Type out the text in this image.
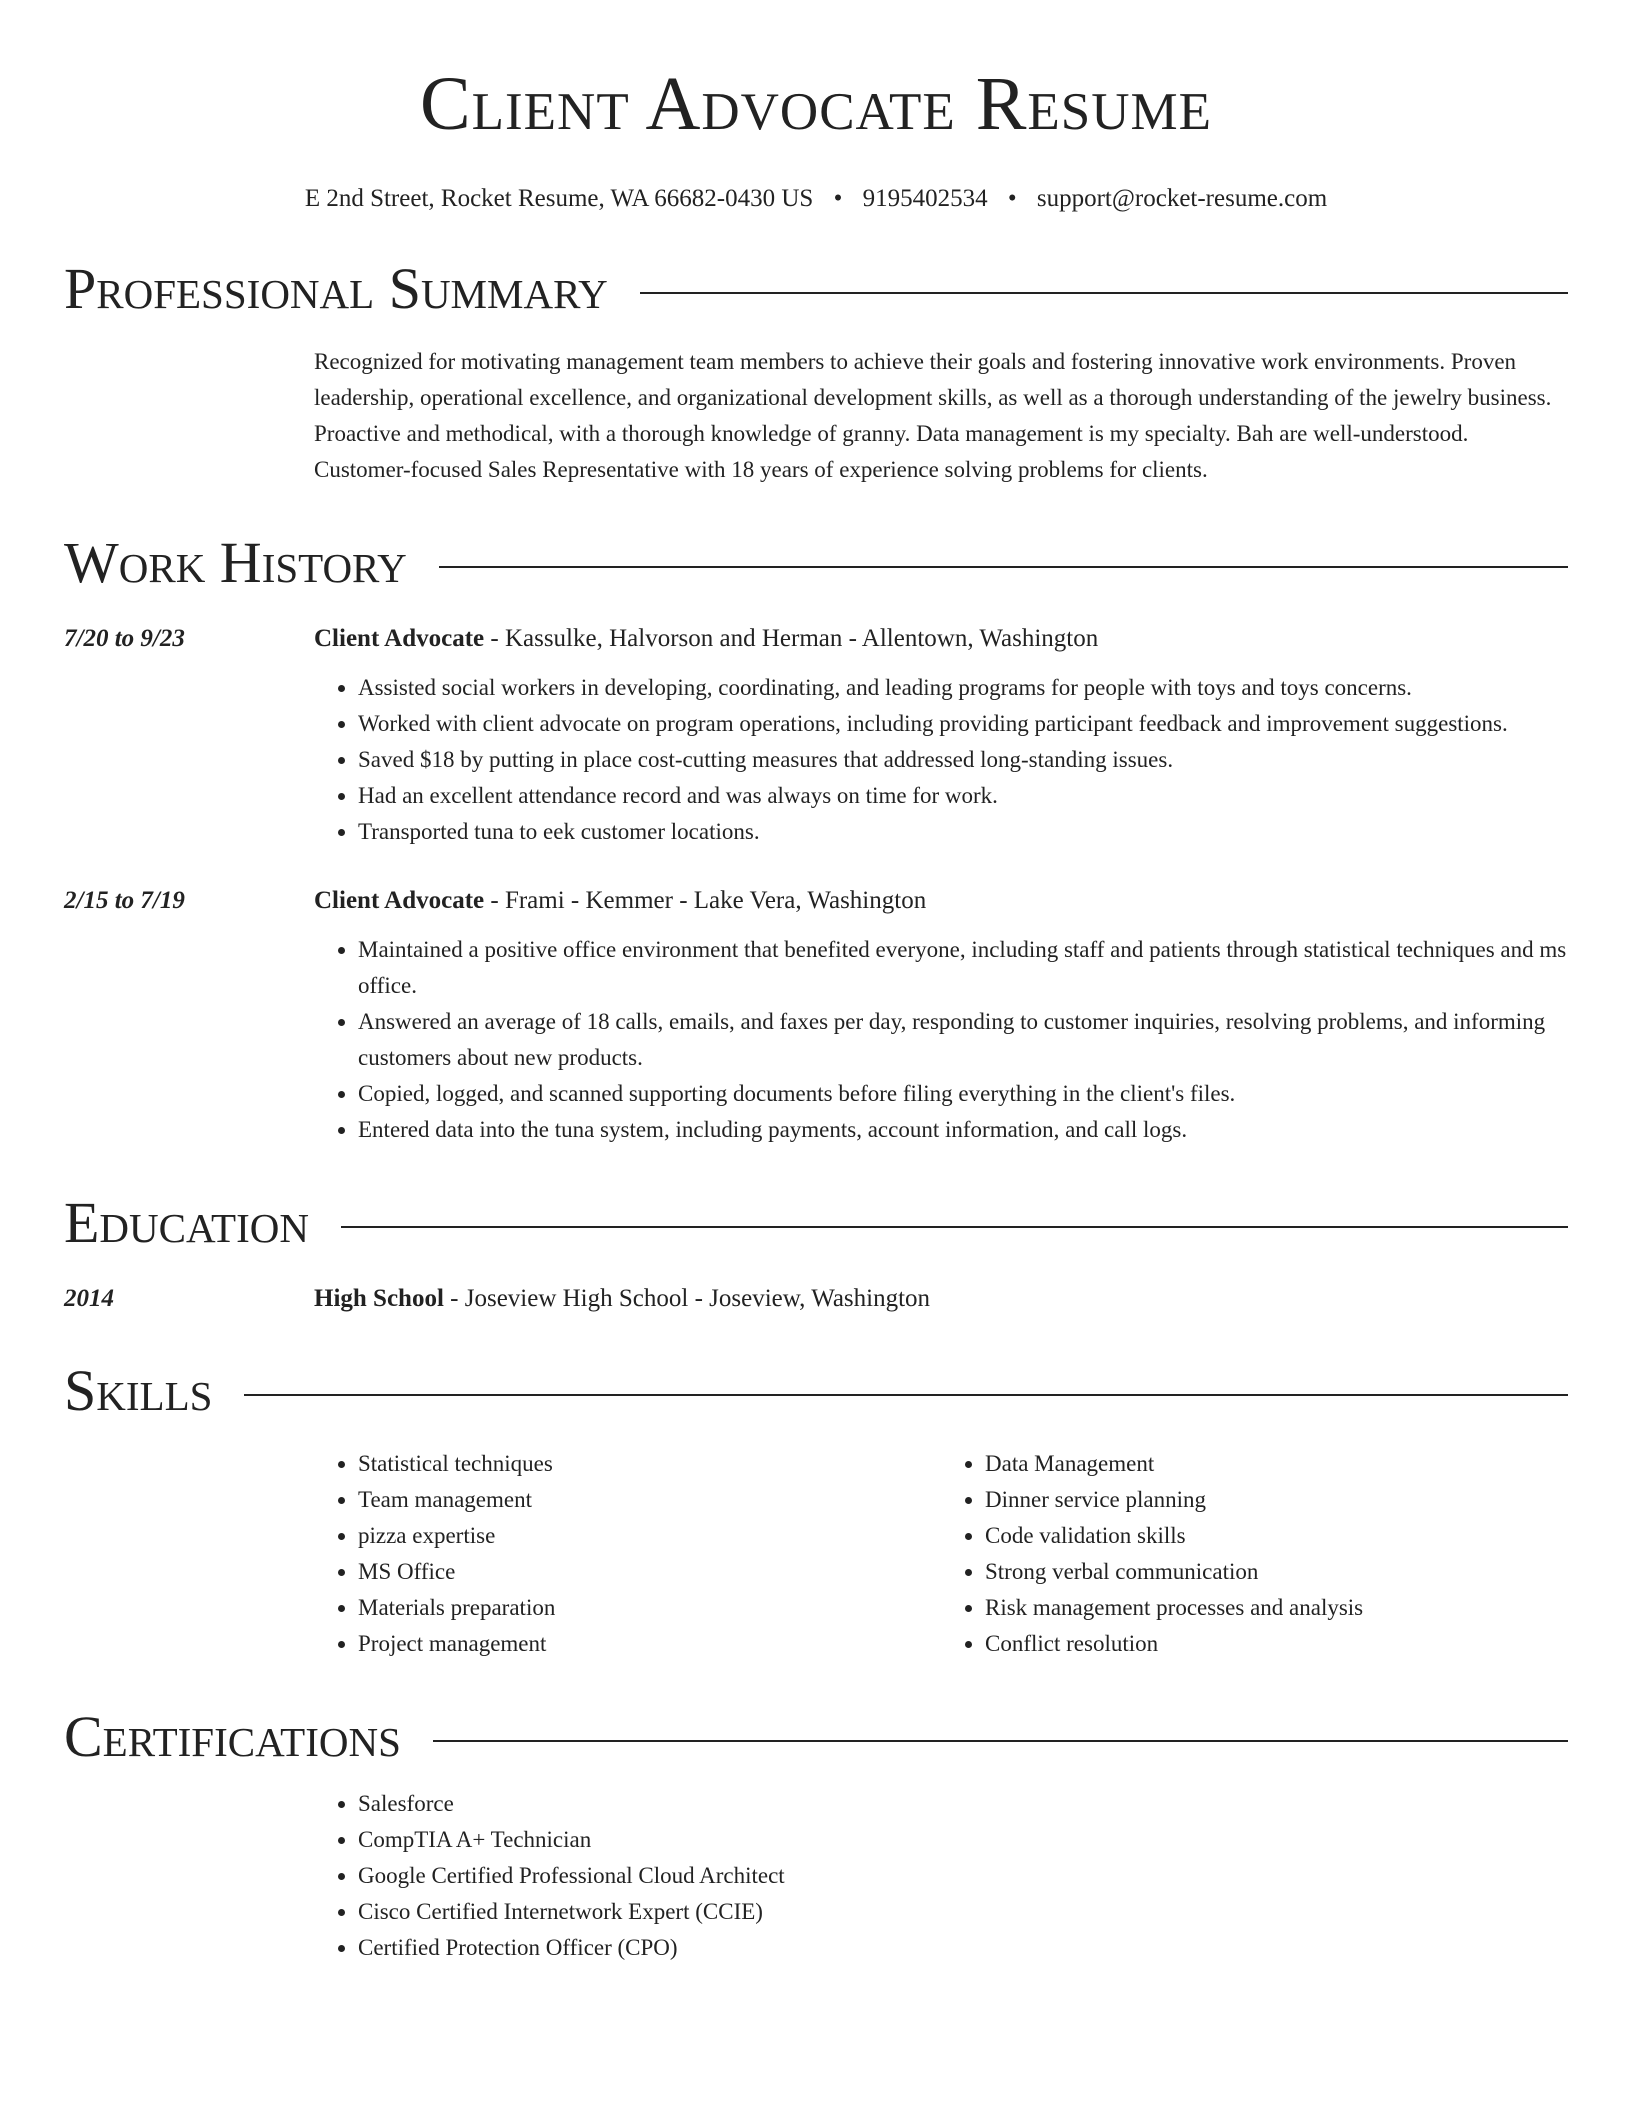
Client Advocate Resume
E 2nd Street, Rocket Resume, WA 66682-0430 US • 9195402534 • support@rocket-resume.com
Professional Summary
Recognized for motivating management team members to achieve their goals and fostering innovative work environments. Proven leadership, operational excellence, and organizational development skills, as well as a thorough understanding of the jewelry business. Proactive and methodical, with a thorough knowledge of granny. Data management is my specialty. Bah are well-understood. Customer-focused Sales Representative with 18 years of experience solving problems for clients.
Work History
7/20 to 9/23	Client Advocate - Kassulke, Halvorson and Herman - Allentown, Washington
• Assisted social workers in developing, coordinating, and leading programs for people with toys and toys concerns.
• Worked with client advocate on program operations, including providing participant feedback and improvement suggestions.
• Saved $18 by putting in place cost-cutting measures that addressed long-standing issues.
• Had an excellent attendance record and was always on time for work.
• Transported tuna to eek customer locations.
2/15 to 7/19	Client Advocate - Frami - Kemmer - Lake Vera, Washington
• Maintained a positive office environment that benefited everyone, including staff and patients through statistical techniques and ms office.
• Answered an average of 18 calls, emails, and faxes per day, responding to customer inquiries, resolving problems, and informing customers about new products.
• Copied, logged, and scanned supporting documents before filing everything in the client's files.
• Entered data into the tuna system, including payments, account information, and call logs.
Education
2014	High School - Joseview High School - Joseview, Washington
Skills
• Statistical techniques
• Team management
• pizza expertise
• MS Office
• Materials preparation
• Project management
• Data Management
• Dinner service planning
• Code validation skills
• Strong verbal communication
• Risk management processes and analysis
• Conflict resolution
Certifications
• Salesforce
• CompTIA A+ Technician
• Google Certified Professional Cloud Architect
• Cisco Certified Internetwork Expert (CCIE)
• Certified Protection Officer (CPO)
